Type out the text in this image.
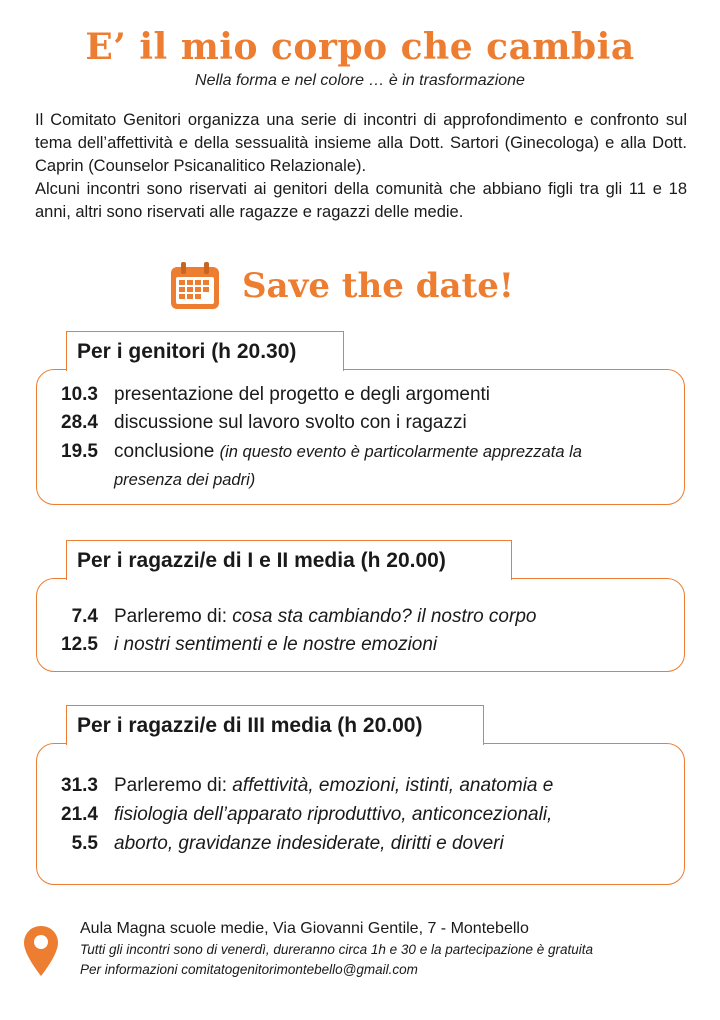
E’ il mio corpo che cambia
Nella forma e nel colore … è in trasformazione

Il Comitato Genitori organizza una serie di incontri di approfondimento e confronto sul tema dell’affettività e della sessualità insieme alla Dott. Sartori (Ginecologa) e alla Dott. Caprin (Counselor Psicanalitico Relazionale).

Alcuni incontri sono riservati ai genitori della comunità che abbiano figli tra gli 11 e 18 anni, altri sono riservati alle ragazze e ragazzi delle medie.

Save the date!
Per i genitori (h 20.30)
10.3 presentazione del progetto e degli argomenti
28.4 discussione sul lavoro svolto con i ragazzi
19.5 conclusione (in questo evento è particolarmente apprezzata la
presenza dei padri)
Per i ragazzi/e di I e II media (h 20.00)
7.4 Parleremo di: cosa sta cambiando? il nostro corpo
12.5 i nostri sentimenti e le nostre emozioni
Per i ragazzi/e di III media (h 20.00)
31.3 Parleremo di: affettività, emozioni, istinti, anatomia e
21.4 fisiologia dell’apparato riproduttivo, anticoncezionali,
5.5 aborto, gravidanze indesiderate, diritti e doveri
Aula Magna scuole medie, Via Giovanni Gentile, 7 - Montebello
Tutti gli incontri sono di venerdì, dureranno circa 1h e 30 e la partecipazione è gratuita
Per informazioni comitatogenitorimontebello@gmail.com
